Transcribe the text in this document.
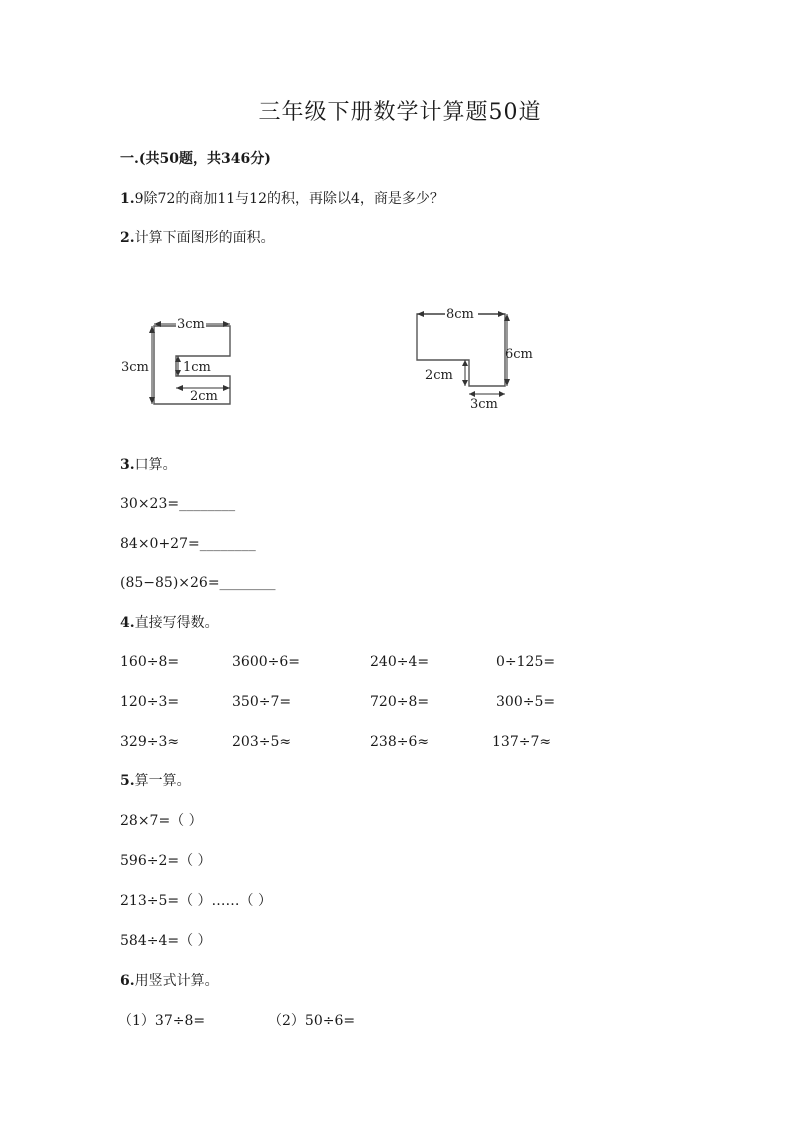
三年级下册数学计算题50道
一.(共50题，共346分)
1.9除72的商加11与12的积，再除以4，商是多少？
2.计算下面图形的面积。
3cm
3cm	1cm
2cm
8cm
6cm
2cm
3cm
3.口算。
30×23=________
84×0+27=________
(85−85)×26=________
4.直接写得数。
160÷8=	3600÷6=	240÷4=	0÷125=
120÷3=	350÷7=	720÷8=	300÷5=
329÷3≈	203÷5≈	238÷6≈	137÷7≈
5.算一算。
28×7=（ ）
596÷2=（ ）
213÷5=（ ）……（ ）
584÷4=（ ）
6.用竖式计算。
（1）37÷8=	（2）50÷6=
